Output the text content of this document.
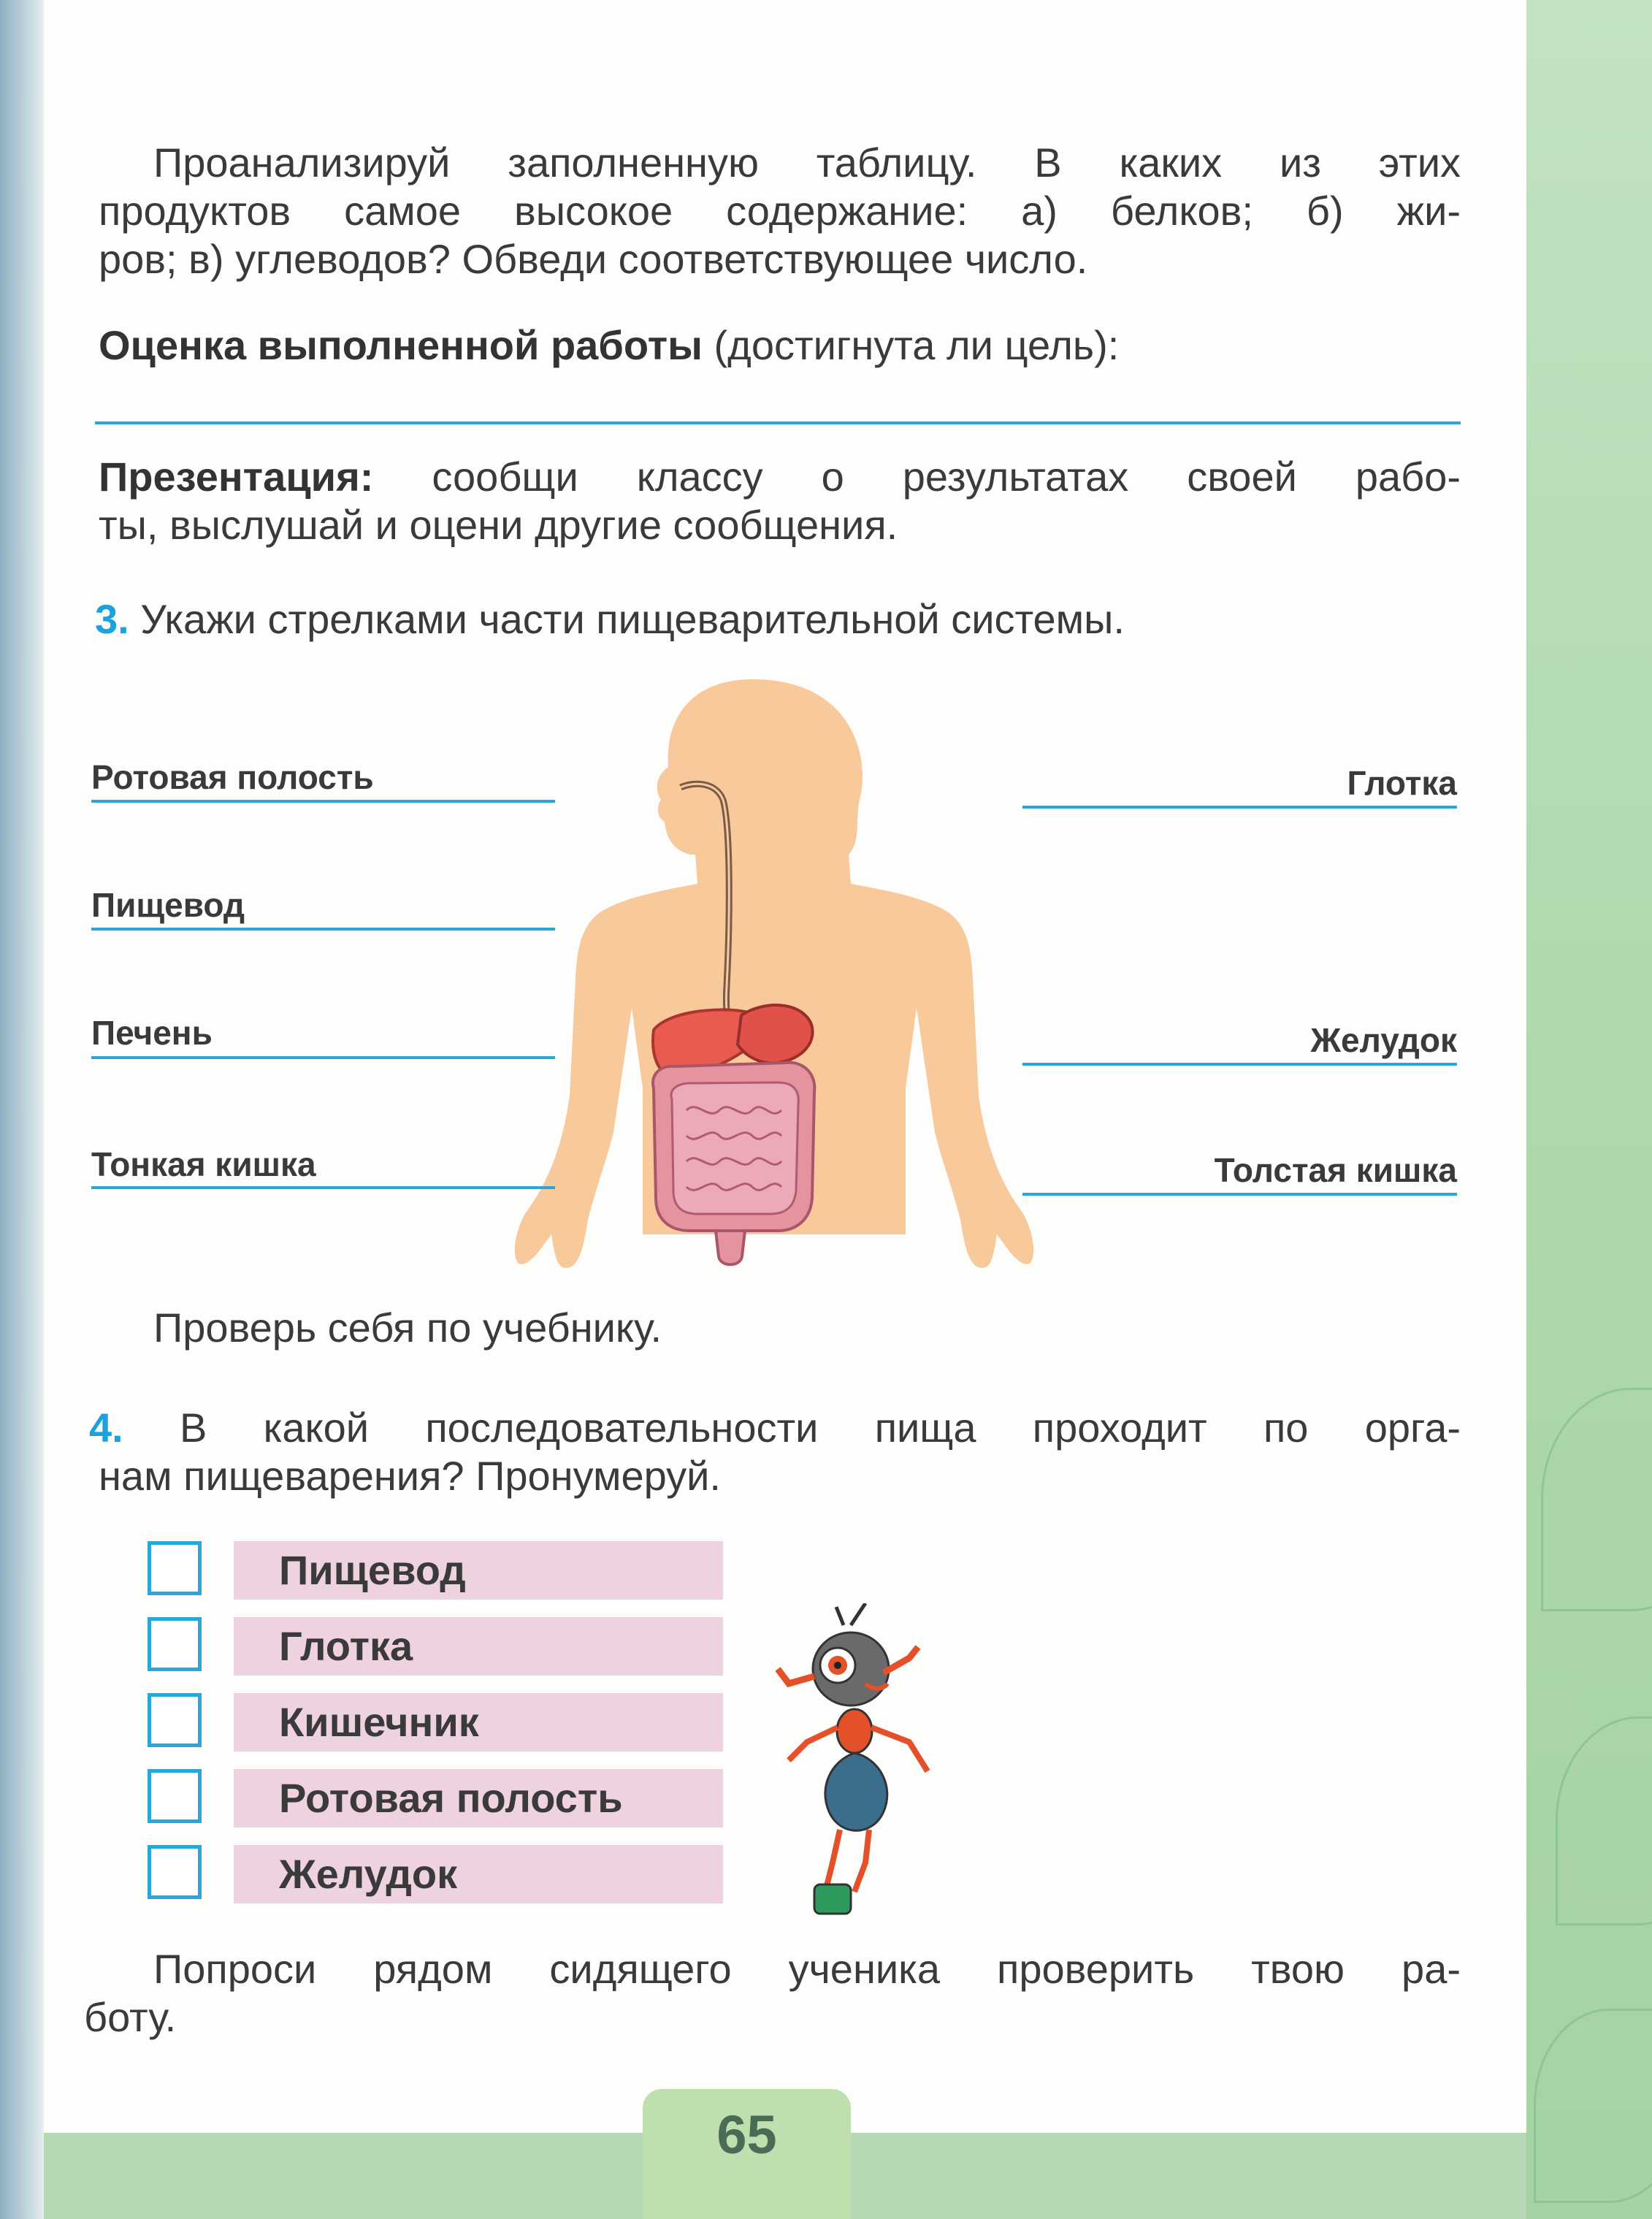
Проанализируй заполненную таблицу. В каких из этих

продуктов самое высокое содержание: а) белков; б) жи-

ров; в) углеводов? Обведи соответствующее число.

Оценка выполненной работы (достигнута ли цель):

Презентация: сообщи классу о результатах своей рабо-

ты, выслушай и оцени другие сообщения.

3. Укажи стрелками части пищеварительной системы.

Ротовая полость
Пищевод
Печень
Тонкая кишка
Глотка
Желудок
Толстая кишка

Проверь себя по учебнику.

4. В какой последовательности пища проходит по орга-

нам пищеварения? Пронумеруй.

Пищевод
Глотка
Кишечник
Ротовая полость
Желудок

Попроси рядом сидящего ученика проверить твою ра-

боту.

65
